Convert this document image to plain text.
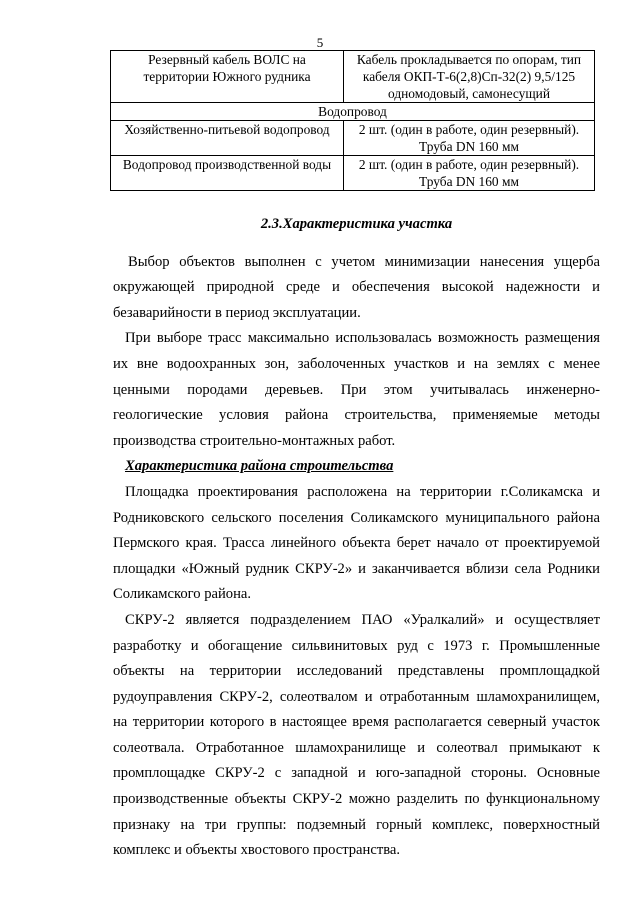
5
Резервный кабель ВОЛС на территории Южного рудника	Кабель прокладывается по опорам, тип кабеля ОКП-Т-6(2,8)Сп-32(2) 9,5/125 одномодовый, самонесущий
Водопровод	
Хозяйственно-питьевой водопровод	2 шт. (один в работе, один резервный). Труба DN 160 мм
Водопровод производственной воды	2 шт. (один в работе, один резервный). Труба DN 160 мм
2.3.Характеристика участка

Выбор объектов выполнен с учетом минимизации нанесения ущерба окружающей природной среде и обеспечения высокой надежности и безаварийности в период эксплуатации.

При выборе трасс максимально использовалась возможность размещения их вне водоохранных зон, заболоченных участков и на землях с менее ценными породами деревьев. При этом учитывалась инженерно-геологические условия района строительства, применяемые методы производства строительно-монтажных работ.

Характеристика района строительства

Площадка проектирования расположена на территории г.Соликамска и Родниковского сельского поселения Соликамского муниципального района Пермского края. Трасса линейного объекта берет начало от проектируемой площадки «Южный рудник СКРУ-2» и заканчивается вблизи села Родники Соликамского района.

СКРУ-2 является подразделением ПАО «Уралкалий» и осуществляет разработку и обогащение сильвинитовых руд с 1973 г. Промышленные объекты на территории исследований представлены промплощадкой рудоуправления СКРУ-2, солеотвалом и отработанным шламохранилищем, на территории которого в настоящее время располагается северный участок солеотвала. Отработанное шламохранилище и солеотвал примыкают к промплощадке СКРУ-2 с западной и юго-западной стороны. Основные производственные объекты СКРУ-2 можно разделить по функциональному признаку на три группы: подземный горный комплекс, поверхностный комплекс и объекты хвостового пространства.
